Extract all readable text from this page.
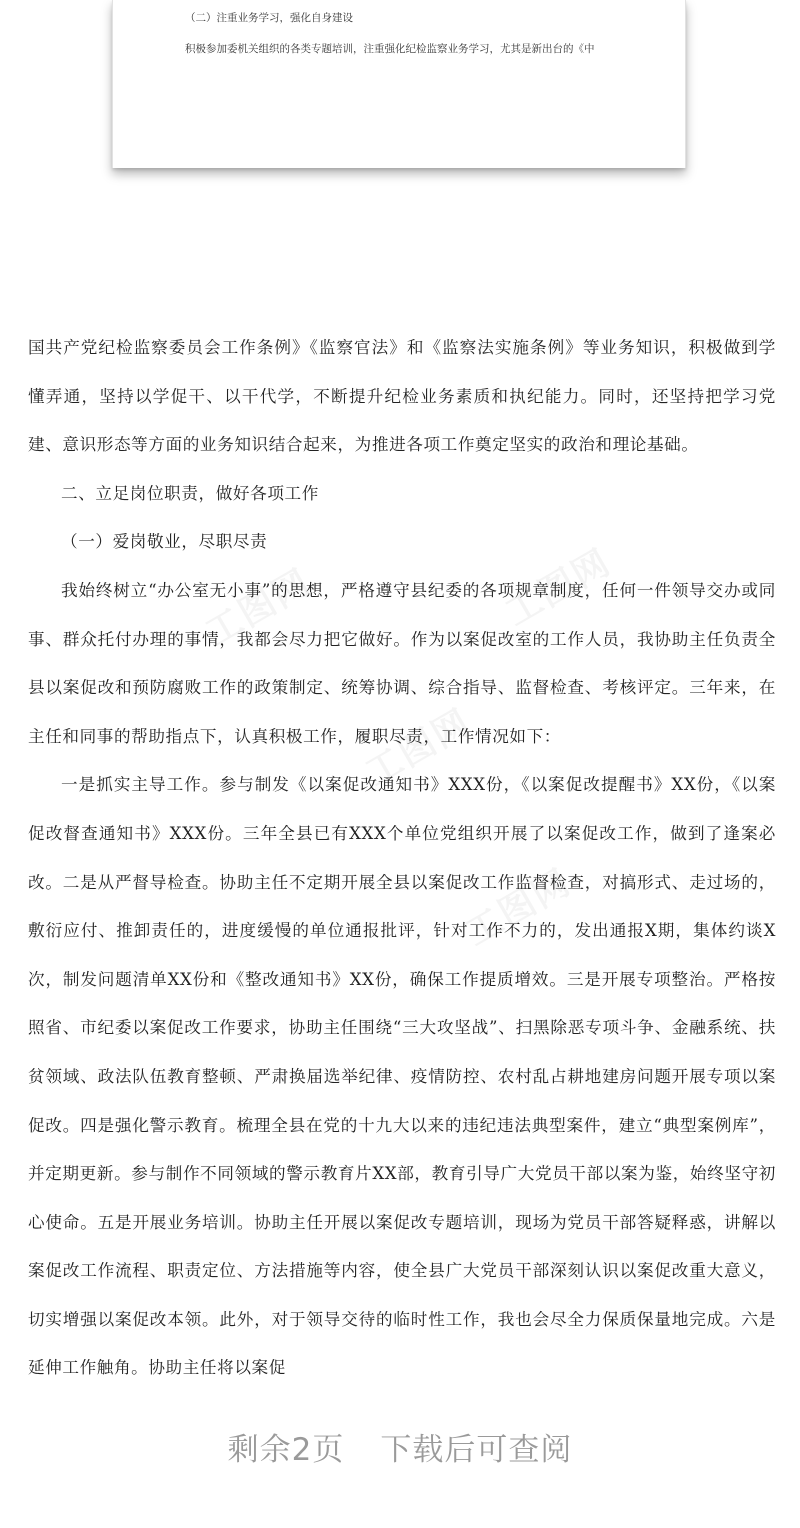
（二）注重业务学习，强化自身建设
积极参加委机关组织的各类专题培训，注重强化纪检监察业务学习，尤其是新出台的《中

国共产党纪检监察委员会工作条例》《监察官法》和《监察法实施条例》等业务知识，积极做到学懂弄通，坚持以学促干、以干代学，不断提升纪检业务素质和执纪能力。同时，还坚持把学习党建、意识形态等方面的业务知识结合起来，为推进各项工作奠定坚实的政治和理论基础。

二、立足岗位职责，做好各项工作

（一）爱岗敬业，尽职尽责

我始终树立“办公室无小事”的思想，严格遵守县纪委的各项规章制度，任何一件领导交办或同事、群众托付办理的事情，我都会尽力把它做好。作为以案促改室的工作人员，我协助主任负责全县以案促改和预防腐败工作的政策制定、统筹协调、综合指导、监督检查、考核评定。三年来，在主任和同事的帮助指点下，认真积极工作，履职尽责，工作情况如下：

一是抓实主导工作。参与制发《以案促改通知书》XXX份，《以案促改提醒书》XX份，《以案促改督查通知书》XXX份。三年全县已有XXX个单位党组织开展了以案促改工作，做到了逢案必改。二是从严督导检查。协助主任不定期开展全县以案促改工作监督检查，对搞形式、走过场的，敷衍应付、推卸责任的，进度缓慢的单位通报批评，针对工作不力的，发出通报X期，集体约谈X次，制发问题清单XX份和《整改通知书》XX份，确保工作提质增效。三是开展专项整治。严格按照省、市纪委以案促改工作要求，协助主任围绕“三大攻坚战”、扫黑除恶专项斗争、金融系统、扶贫领域、政法队伍教育整顿、严肃换届选举纪律、疫情防控、农村乱占耕地建房问题开展专项以案促改。四是强化警示教育。梳理全县在党的十九大以来的违纪违法典型案件，建立“典型案例库”，并定期更新。参与制作不同领域的警示教育片XX部，教育引导广大党员干部以案为鉴，始终坚守初心使命。五是开展业务培训。协助主任开展以案促改专题培训，现场为党员干部答疑释惑，讲解以案促改工作流程、职责定位、方法措施等内容，使全县广大党员干部深刻认识以案促改重大意义，切实增强以案促改本领。此外，对于领导交待的临时性工作，我也会尽全力保质保量地完成。六是延伸工作触角。协助主任将以案促

剩余2页 下载后可查阅
